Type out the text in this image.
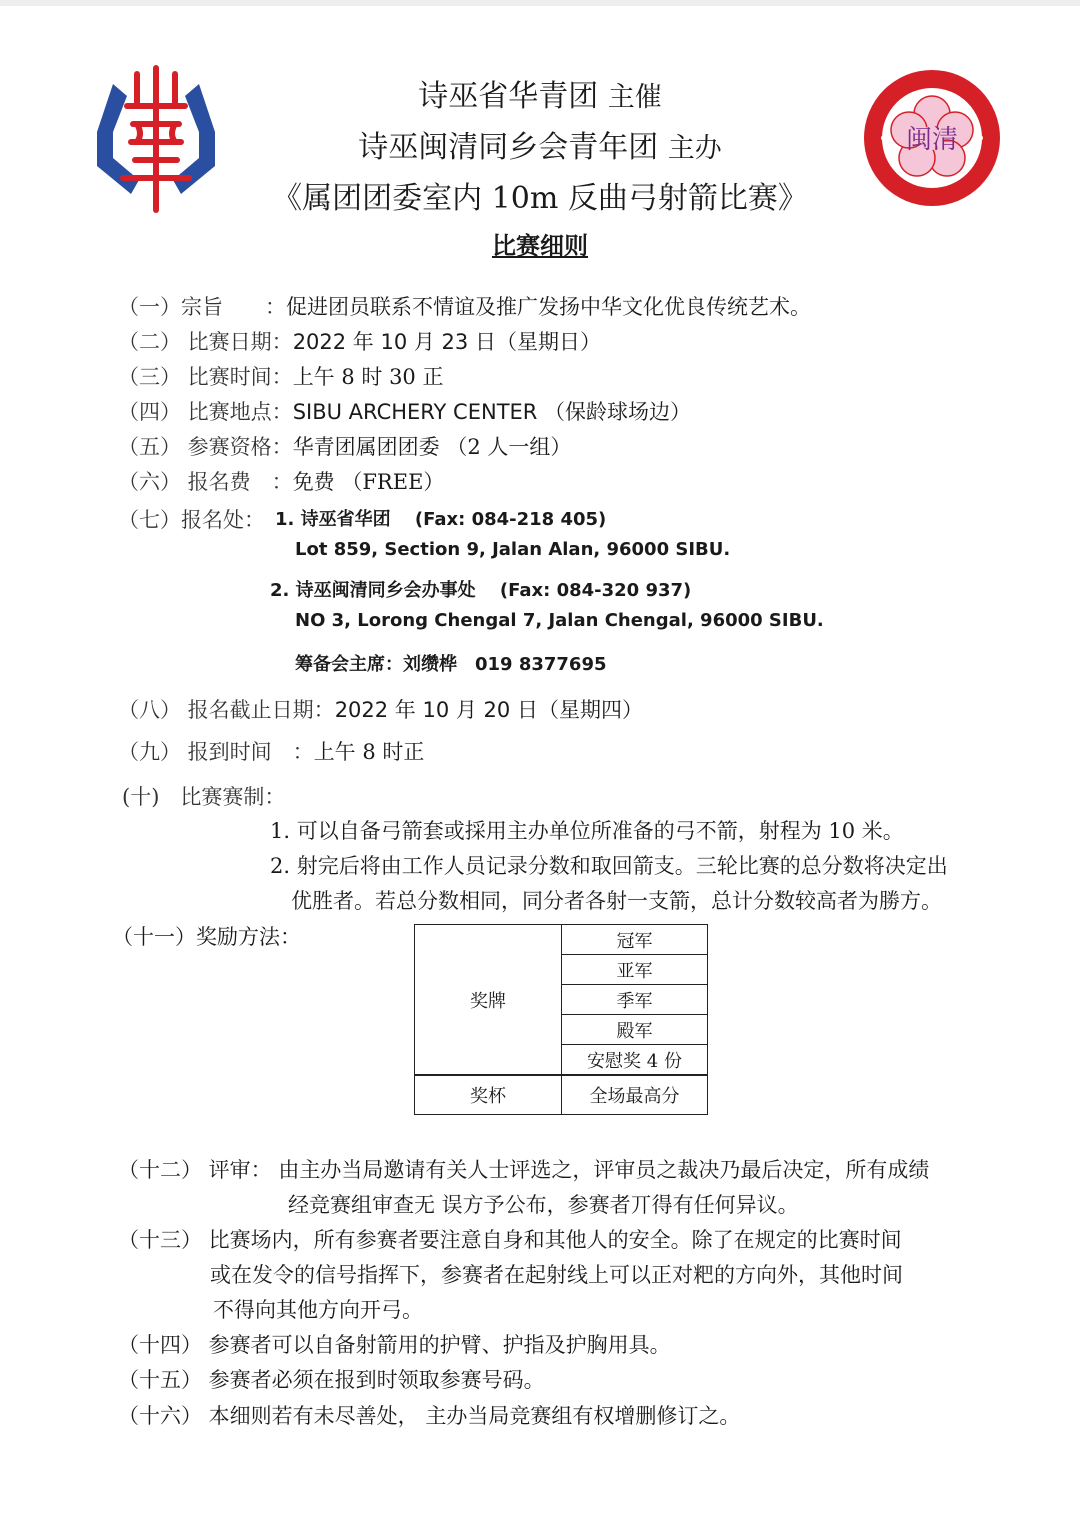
闽清
诗巫省华青团 主催
诗巫闽清同乡会青年团 主办
《属团团委室内 10m 反曲弓射箭比赛》
比赛细则
（一）宗旨　　：促进团员联系不情谊及推广发扬中华文化优良传统艺术。
（二） 比赛日期：2022 年 10 月 23 日（星期日）
（三） 比赛时间：上午 8 时 30 正
（四） 比赛地点：SIBU ARCHERY CENTER （保龄球场边）
（五） 参赛资格：华青团属团团委 （2 人一组）
（六） 报名费　：免费 （FREE）
（七）报名处： 1. 诗巫省华团　 (Fax: 084-218 405)
Lot 859, Section 9, Jalan Alan, 96000 SIBU.
2. 诗巫闽清同乡会办事处　 (Fax: 084-320 937)
NO 3, Lorong Chengal 7, Jalan Chengal, 96000 SIBU.
筹备会主席：刘缵桦　019 8377695
（八） 报名截止日期：2022 年 10 月 20 日（星期四）
（九） 报到时间　：上午 8 时正
(十)　比赛赛制：
1. 可以自备弓箭套或採用主办单位所准备的弓不箭，射程为 10 米。
2. 射完后将由工作人员记录分数和取回箭支。三轮比赛的总分数将决定出
优胜者。若总分数相同，同分者各射一支箭，总计分数较高者为勝方。
（十一）奖励方法：
奖牌	冠军
	亚军
	季军
	殿军
	安慰奖 4 份
奖杯	全场最高分
（十二） 评审： 由主办当局邀请有关人士评选之，评审员之裁决乃最后决定，所有成绩
经竞赛组审查无 误方予公布，参赛者丌得有任何异议。
（十三） 比赛场内，所有参赛者要注意自身和其他人的安全。除了在规定的比赛时间
或在发令的信号指挥下，参赛者在起射线上可以正对粑的方向外，其他时间
不得向其他方向开弓。
（十四） 参赛者可以自备射箭用的护臂、护指及护胸用具。
（十五） 参赛者必须在报到时领取参赛号码。
（十六） 本细则若有未尽善处， 主办当局竞赛组有权增删修订之。
